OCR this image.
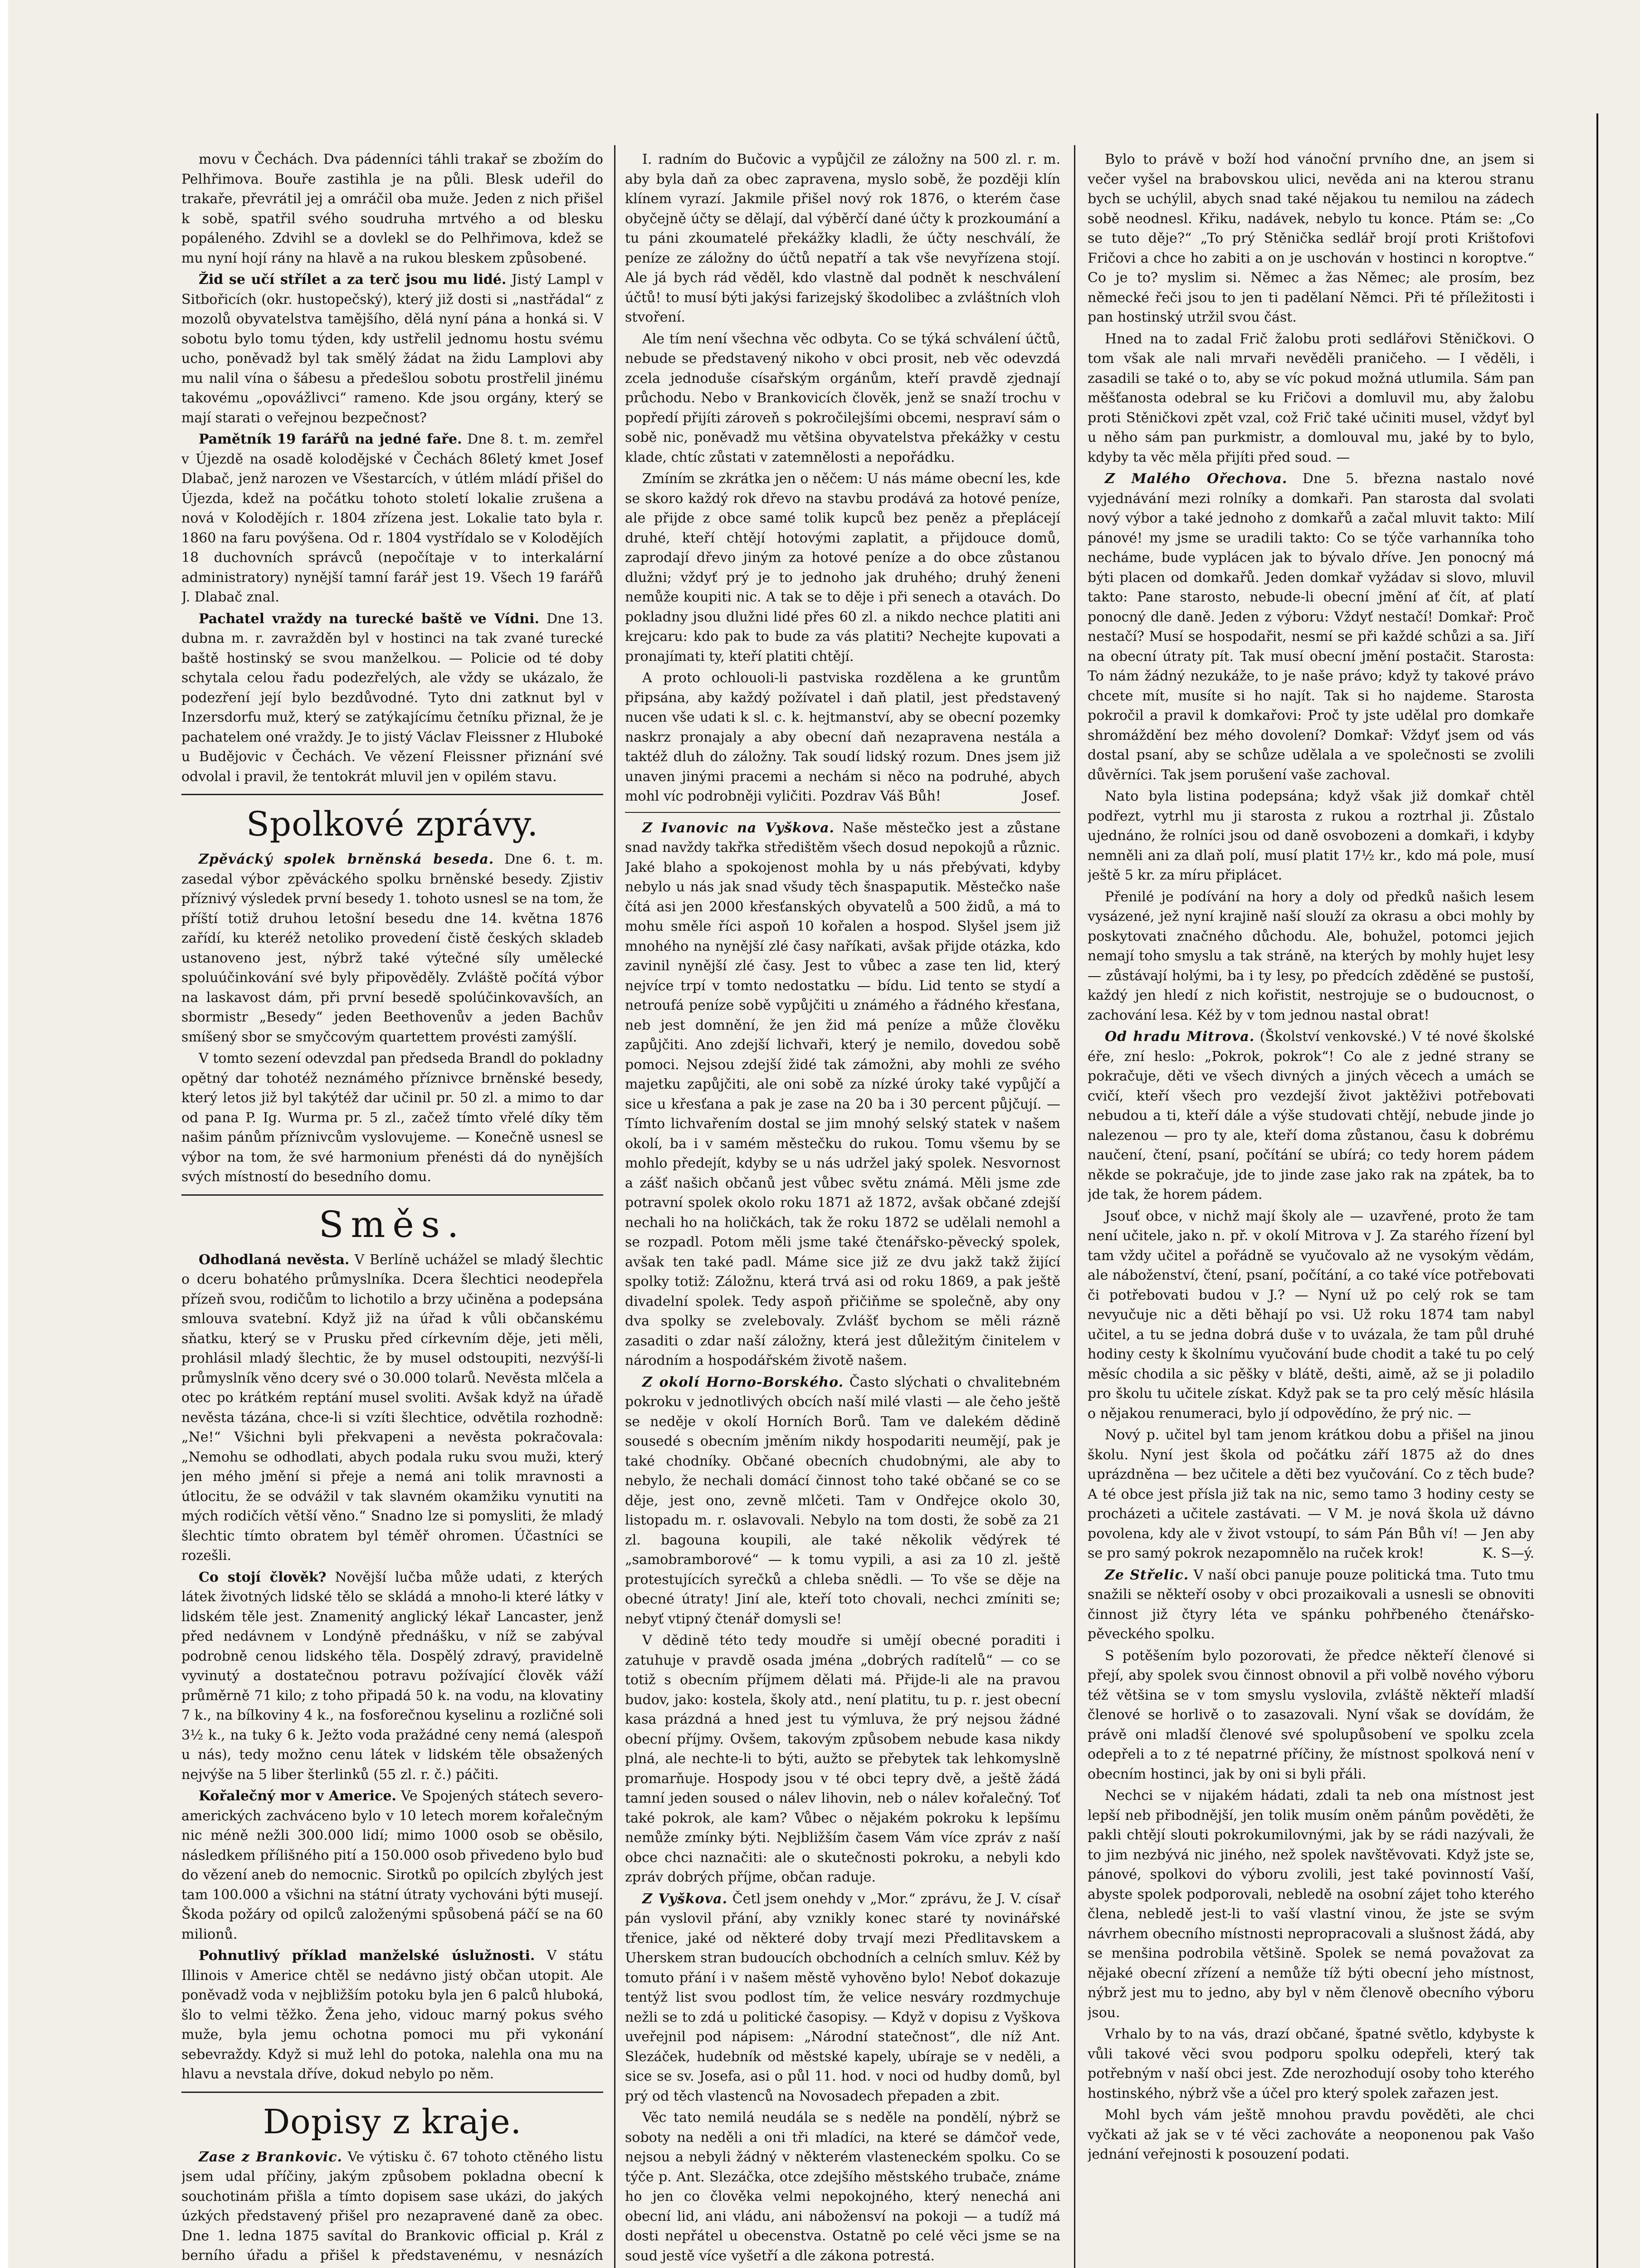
movu v Čechách. Dva pádenníci táhli trakař se zbožím do Pelhřimova. Bouře zastihla je na půli. Blesk udeřil do trakaře, převrátil jej a omráčil oba muže. Jeden z nich přišel k sobě, spatřil svého soudruha mrtvého a od blesku popáleného. Zdvihl se a dovlekl se do Pelhřimova, kdež se mu nyní hojí rány na hlavě a na rukou bleskem způsobené.

Žid se učí střílet a za terč jsou mu lidé. Jistý Lampl v Sitbořicích (okr. hustopečský), který již dosti si „nastřádal“ z mozolů obyvatelstva tamějšího, dělá nyní pána a honká si. V sobotu bylo tomu týden, kdy ustřelil jednomu hostu svému ucho, poněvadž byl tak smělý žádat na židu Lamplovi aby mu nalil vína o šábesu a předešlou sobotu prostřelil jinému takovému „opovážlivci“ rameno. Kde jsou orgány, který se mají starati o veřejnou bezpečnost?

Pamětník 19 farářů na jedné faře. Dne 8. t. m. zemřel v Újezdě na osadě kolodějské v Čechách 86letý kmet Josef Dlabač, jenž narozen ve Všestarcích, v útlém mládí přišel do Újezda, kdež na počátku tohoto století lokalie zrušena a nová v Kolodějích r. 1804 zřízena jest. Lokalie tato byla r. 1860 na faru povýšena. Od r. 1804 vystřídalo se v Kolodějích 18 duchovních správců (nepočítaje v to interkalární administratory) nynější tamní farář jest 19. Všech 19 farářů J. Dlabač znal.

Pachatel vraždy na turecké baště ve Vídni. Dne 13. dubna m. r. zavražděn byl v hostinci na tak zvané turecké baště hostinský se svou manželkou. — Policie od té doby schytala celou řadu podezřelých, ale vždy se ukázalo, že podezření její bylo bezdůvodné. Tyto dni zatknut byl v Inzersdorfu muž, který se zatýkajícímu četníku přiznal, že je pachatelem oné vraždy. Je to jistý Václav Fleissner z Hluboké u Budějovic v Čechách. Ve vězení Fleissner přiznání své odvolal i pravil, že tentokrát mluvil jen v opilém stavu.

Spolkové zprávy.

Zpěvácký spolek brněnská beseda. Dne 6. t. m. zasedal výbor zpěváckého spolku brněnské besedy. Zjistiv příznivý výsledek první besedy 1. tohoto usnesl se na tom, že příští totiž druhou letošní besedu dne 14. května 1876 zařídí, ku kteréž netoliko provedení čistě českých skladeb ustanoveno jest, nýbrž také výtečné síly umělecké spoluúčinkování své byly připověděly. Zvláště počítá výbor na laskavost dám, při první besedě spolúčinkovavších, an sbormistr „Besedy“ jeden Beethovenův a jeden Bachův smíšený sbor se smyčcovým quartettem provésti zamýšlí.

V tomto sezení odevzdal pan předseda Brandl do pokladny opětný dar tohotéž neznámého příznivce brněnské besedy, který letos již byl takýtéž dar učinil pr. 50 zl. a mimo to dar od pana P. Ig. Wurma pr. 5 zl., začež tímto vřelé díky těm našim pánům příznivcům vyslovujeme. — Konečně usnesl se výbor na tom, že své harmonium přenésti dá do nynějších svých místností do besedního domu.

Směs.

Odhodlaná nevěsta. V Berlíně uchážel se mladý šlechtic o dceru bohatého průmyslníka. Dcera šlechtici neodepřela přízeň svou, rodičům to lichotilo a brzy učiněna a podepsána smlouva svatební. Když již na úřad k vůli občanskému sňatku, který se v Prusku před církevním děje, jeti měli, prohlásil mladý šlechtic, že by musel odstoupiti, nezvýší-li průmyslník věno dcery své o 30.000 tolarů. Nevěsta mlčela a otec po krátkém reptání musel svoliti. Avšak když na úřadě nevěsta tázána, chce-li si vzíti šlechtice, odvětila rozhodně: „Ne!“ Všichni byli překvapeni a nevěsta pokračovala: „Nemohu se odhodlati, abych podala ruku svou muži, který jen mého jmění si přeje a nemá ani tolik mravnosti a útlocitu, že se odvážil v tak slavném okamžiku vynutiti na mých rodičích větší věno.“ Snadno lze si pomysliti, že mladý šlechtic tímto obratem byl téměř ohromen. Účastníci se rozešli.

Co stojí člověk? Novější lučba může udati, z kterých látek životných lidské tělo se skládá a mnoho-li které látky v lidském těle jest. Znamenitý anglický lékař Lancaster, jenž před nedávnem v Londýně přednášku, v níž se zabýval podrobně cenou lidského těla. Dospělý zdravý, pravidelně vyvinutý a dostatečnou potravu požívající člověk váží průměrně 71 kilo; z toho připadá 50 k. na vodu, na klovatiny 7 k., na bílkoviny 4 k., na fosforečnou kyselinu a rozličné soli 3½ k., na tuky 6 k. Ježto voda pražádné ceny nemá (alespoň u nás), tedy možno cenu látek v lidském těle obsažených nejvýše na 5 liber šterlinků (55 zl. r. č.) páčiti.

Kořalečný mor v Americe. Ve Spojených státech severo-amerických zachváceno bylo v 10 letech morem kořalečným nic méně nežli 300.000 lidí; mimo 1000 osob se oběsilo, následkem přílišného pití a 150.000 osob přivedeno bylo buď do vězení aneb do nemocnic. Sirotků po opilcích zbylých jest tam 100.000 a všichni na státní útraty vychováni býti musejí. Škoda požáry od opilců založenými spůsobená páčí se na 60 milionů.

Pohnutlivý příklad manželské úslužnosti. V státu Illinois v Americe chtěl se nedávno jistý občan utopit. Ale poněvadž voda v nejbližším potoku byla jen 6 palců hluboká, šlo to velmi těžko. Žena jeho, vidouc marný pokus svého muže, byla jemu ochotna pomoci mu při vykonání sebevraždy. Když si muž lehl do potoka, nalehla ona mu na hlavu a nevstala dříve, dokud nebylo po něm.

Dopisy z kraje.

Zase z Brankovic. Ve výtisku č. 67 tohoto ctěného listu jsem udal příčiny, jakým způsobem pokladna obecní k souchotinám přišla a tímto dopisem sase ukázi, do jakých úzkých představený přišel pro nezapravené daně za obec. Dne 1. ledna 1875 savítal do Brankovic official p. Král z berního úřadu a přišel k představenému, v nesnázích

I. radním do Bučovic a vypůjčil ze záložny na 500 zl. r. m. aby byla daň za obec zapravena, myslo sobě, že později klín klínem vyrazí. Jakmile přišel nový rok 1876, o kterém čase obyčejně účty se dělají, dal výběrčí dané účty k prozkoumání a tu páni zkoumatelé překážky kladli, že účty neschválí, že peníze ze záložny do účtů nepatří a tak vše nevyřízena stojí. Ale já bych rád věděl, kdo vlastně dal podnět k neschválení účtů! to musí býti jakýsi farizejský škodolibec a zvláštních vloh stvoření.

Ale tím není všechna věc odbyta. Co se týká schválení účtů, nebude se představený nikoho v obci prosit, neb věc odevzdá zcela jednoduše císařským orgánům, kteří pravdě zjednají průchodu. Nebo v Brankovicích člověk, jenž se snaží trochu v popředí přijíti zároveň s pokročilejšími obcemi, nespraví sám o sobě nic, poněvadž mu většina obyvatelstva překážky v cestu klade, chtíc zůstati v zatemnělosti a nepořádku.

Zmíním se zkrátka jen o něčem: U nás máme obecní les, kde se skoro každý rok dřevo na stavbu prodává za hotové peníze, ale přijde z obce samé tolik kupců bez peněz a přeplácejí druhé, kteří chtějí hotovými zaplatit, a přijdouce domů, zaprodají dřevo jiným za hotové peníze a do obce zůstanou dlužni; vždyť prý je to jednoho jak druhého; druhý ženeni nemůže koupiti nic. A tak se to děje i při senech a otavách. Do pokladny jsou dlužni lidé přes 60 zl. a nikdo nechce platiti ani krejcaru: kdo pak to bude za vás platiti? Nechejte kupovati a pronajímati ty, kteří platiti chtějí.

A proto ochlouoli-li pastviska rozdělena a ke gruntům připsána, aby každý požívatel i daň platil, jest představený nucen vše udati k sl. c. k. hejtmanství, aby se obecní pozemky naskrz pronajaly a aby obecní daň nezapravena nestála a taktéž dluh do záložny. Tak soudí lidský rozum. Dnes jsem již unaven jinými pracemi a nechám si něco na podruhé, abych mohl víc podrobněji vyličiti. Pozdrav Váš Bůh!	Josef.

Z Ivanovic na Vyškova. Naše městečko jest a zůstane snad navždy takřka středištěm všech dosud nepokojů a různic. Jaké blaho a spokojenost mohla by u nás přebývati, kdyby nebylo u nás jak snad všudy těch šnaspaputik. Městečko naše čítá asi jen 2000 křesťanských obyvatelů a 500 židů, a má to mohu směle říci aspoň 10 kořalen a hospod. Slyšel jsem již mnohého na nynější zlé časy naříkati, avšak přijde otázka, kdo zavinil nynější zlé časy. Jest to vůbec a zase ten lid, který nejvíce trpí v tomto nedostatku — bídu. Lid tento se stydí a netroufá peníze sobě vypůjčiti u známého a řádného křesťana, neb jest domnění, že jen žid má peníze a může člověku zapůjčiti. Ano zdejší lichvaři, který je nemilo, dovedou sobě pomoci. Nejsou zdejší židé tak zámožni, aby mohli ze svého majetku zapůjčiti, ale oni sobě za nízké úroky také vypůjčí a sice u křesťana a pak je zase na 20 ba i 30 percent půjčují. — Tímto lichvařením dostal se jim mnohý selský statek v našem okolí, ba i v samém městečku do rukou. Tomu všemu by se mohlo předejít, kdyby se u nás udržel jaký spolek. Nesvornost a zášť našich občanů jest vůbec světu známá. Měli jsme zde potravní spolek okolo roku 1871 až 1872, avšak občané zdejší nechali ho na holičkách, tak že roku 1872 se udělali nemohl a se rozpadl. Potom měli jsme také čtenářsko-pěvecký spolek, avšak ten také padl. Máme sice již ze dvu jakž takž žijící spolky totiž: Záložnu, která trvá asi od roku 1869, a pak ještě divadelní spolek. Tedy aspoň přičiňme se společně, aby ony dva spolky se zvelebovaly. Zvlášť bychom se měli rázně zasaditi o zdar naší záložny, která jest důležitým činitelem v národním a hospodářském životě našem.

Z okolí Horno-Borského. Často slýchati o chvalitebném pokroku v jednotlivých obcích naší milé vlasti — ale čeho ještě se neděje v okolí Horních Borů. Tam ve dalekém dědině sousedé s obecním jměním nikdy hospodariti neumějí, pak je také chodníky. Občané obecních chudobnými, ale aby to nebylo, že nechali domácí činnost toho také občané se co se děje, jest ono, zevně mlčeti. Tam v Ondřejce okolo 30, listopadu m. r. oslavovali. Nebylo na tom dosti, že sobě za 21 zl. bagouna koupili, ale také několik vědýrek té „samobramborové“ — k tomu vypili, a asi za 10 zl. ještě protestujících syrečků a chleba snědli. — To vše se děje na obecné útraty! Jiní ale, kteří toto chovali, nechci zmíniti se; nebyť vtipný čtenář domysli se!

V dědině této tedy moudře si umějí obecné poraditi i zatuhuje v pravdě osada jména „dobrých radítelů“ — co se totiž s obecním příjmem dělati má. Přijde-li ale na pravou budov, jako: kostela, školy atd., není platitu, tu p. r. jest obecní kasa prázdná a hned jest tu výmluva, že prý nejsou žádné obecní příjmy. Ovšem, takovým způsobem nebude kasa nikdy plná, ale nechte-li to býti, aužto se přebytek tak lehkomyslně promarňuje. Hospody jsou v té obci tepry dvě, a ještě žádá tamní jeden soused o nálev lihovin, neb o nálev kořalečný. Toť také pokrok, ale kam? Vůbec o nějakém pokroku k lepšímu nemůže zmínky býti. Nejbližším časem Vám více zpráv z naší obce chci naznačiti: ale o skutečnosti pokroku, a nebyli kdo zpráv dobrých příjme, občan raduje.

Z Vyškova. Četl jsem onehdy v „Mor.“ zprávu, že J. V. císař pán vyslovil přání, aby vznikly konec staré ty novinářské třenice, jaké od některé doby trvají mezi Předlitavskem a Uherskem stran budoucích obchodních a celních smluv. Kéž by tomuto přání i v našem městě vyhověno bylo! Neboť dokazuje tentýž list svou podlost tím, že velice nesváry rozdmychuje nežli se to zdá u politické časopisy. — Když v dopisu z Vyškova uveřejnil pod nápisem: „Národní statečnost“, dle níž Ant. Slezáček, hudebník od městské kapely, ubíraje se v neděli, a sice se sv. Josefa, asi o půl 11. hod. v noci od hudby domů, byl prý od těch vlastenců na Novosadech přepaden a zbit.

Věc tato nemilá neudála se s neděle na pondělí, nýbrž se soboty na neděli a oni tři mladíci, na které se dámčoř vede, nejsou a nebyli žádný v některém vlasteneckém spolku. Co se týče p. Ant. Slezáčka, otce zdejšího městského trubače, známe ho jen co člověka velmi nepokojného, který nenechá ani obecní lid, ani vládu, ani nábožensví na pokoji — a tudíž má dosti nepřátel u obecenstva. Ostatně po celé věci jsme se na soud jestě více vyšetří a dle zákona potrestá.

Bylo to právě v boží hod vánoční prvního dne, an jsem si večer vyšel na brabovskou ulici, nevěda ani na kterou stranu bych se uchýlil, abych snad také nějakou tu nemilou na zádech sobě neodnesl. Křiku, nadávek, nebylo tu konce. Ptám se: „Co se tuto děje?“ „To prý Stěnička sedlář brojí proti Krištofovi Fričovi a chce ho zabiti a on je uschován v hostinci n koroptve.“ Co je to? myslim si. Němec a žas Němec; ale prosím, bez německé řeči jsou to jen ti padělaní Němci. Při té příležitosti i pan hostinský utržil svou část.

Hned na to zadal Frič žalobu proti sedlářovi Stěničkovi. O tom však ale nali mrvaři nevěděli praničeho. — I věděli, i zasadili se také o to, aby se víc pokud možná utlumila. Sám pan měšťanosta odebral se ku Fričovi a domluvil mu, aby žalobu proti Stěničkovi zpět vzal, což Frič také učiniti musel, vždyť byl u něho sám pan purkmistr, a domlouval mu, jaké by to bylo, kdyby ta věc měla přijíti před soud. —

Z Malého Ořechova. Dne 5. března nastalo nové vyjednávání mezi rolníky a domkaři. Pan starosta dal svolati nový výbor a také jednoho z domkařů a začal mluvit takto: Milí pánové! my jsme se uradili takto: Co se týče varhanníka toho necháme, bude vyplácen jak to bývalo dříve. Jen ponocný má býti placen od domkařů. Jeden domkař vyžádav si slovo, mluvil takto: Pane starosto, nebude-li obecní jmění ať čít, ať platí ponocný dle daně. Jeden z výboru: Vždyť nestačí! Domkař: Proč nestačí? Musí se hospodařit, nesmí se při každé schůzi a sa. Jiří na obecní útraty pít. Tak musí obecní jmění postačit. Starosta: To nám žádný nezukáže, to je naše právo; když ty takové právo chcete mít, musíte si ho najít. Tak si ho najdeme. Starosta pokročil a pravil k domkařovi: Proč ty jste udělal pro domkaře shromáždění bez mého dovolení? Domkař: Vždyť jsem od vás dostal psaní, aby se schůze udělala a ve společnosti se zvolili důvěrníci. Tak jsem porušení vaše zachoval.

Nato byla listina podepsána; když však již domkař chtěl podřezt, vytrhl mu ji starosta z rukou a roztrhal ji. Zůstalo ujednáno, že rolníci jsou od daně osvobozeni a domkaři, i kdyby nemněli ani za dlaň polí, musí platit 17½ kr., kdo má pole, musí ještě 5 kr. za míru připlácet.

Přenilé je podívání na hory a doly od předků našich lesem vysázené, jež nyní krajině naší slouží za okrasu a obci mohly by poskytovati značného důchodu. Ale, bohužel, potomci jejich nemají toho smyslu a tak stráně, na kterých by mohly hujet lesy — zůstávají holými, ba i ty lesy, po předcích zděděné se pustoší, každý jen hledí z nich kořistit, nestrojuje se o budoucnost, o zachování lesa. Kéž by v tom jednou nastal obrat!

Od hradu Mitrova. (Školství venkovské.) V té nové školské éře, zní heslo: „Pokrok, pokrok“! Co ale z jedné strany se pokračuje, děti ve všech divných a jiných věcech a umách se cvičí, kteří všech pro vezdejší život jaktěživi potřebovati nebudou a ti, kteří dále a výše studovati chtějí, nebude jinde jo nalezenou — pro ty ale, kteří doma zůstanou, času k dobrému naučení, čtení, psaní, počítání se ubírá; co tedy horem pádem někde se pokračuje, jde to jinde zase jako rak na zpátek, ba to jde tak, že horem pádem.

Jsouť obce, v nichž mají školy ale — uzavřené, proto že tam není učitele, jako n. př. v okolí Mitrova v J. Za starého řízení byl tam vždy učitel a pořádně se vyučovalo až ne vysokým vědám, ale náboženství, čtení, psaní, počítání, a co také více potřebovati či potřebovati budou v J.? — Nyní už po celý rok se tam nevyučuje nic a děti běhají po vsi. Už roku 1874 tam nabyl učitel, a tu se jedna dobrá duše v to uvázala, že tam půl druhé hodiny cesty k školnímu vyučování bude chodit a také tu po celý měsíc chodila a sic pěšky v blátě, dešti, aimě, až se ji poladilo pro školu tu učitele získat. Když pak se ta pro celý měsíc hlásila o nějakou renumeraci, bylo jí odpovědíno, že prý nic. —

Nový p. učitel byl tam jenom krátkou dobu a přišel na jinou školu. Nyní jest škola od počátku září 1875 až do dnes uprázdněna — bez učitele a děti bez vyučování. Co z těch bude? A té obce jest přísla již tak na nic, semo tamo 3 hodiny cesty se procházeti a učitele zastávati. — V M. je nová škola už dávno povolena, kdy ale v život vstoupí, to sám Pán Bůh ví! — Jen aby se pro samý pokrok nezapomnělo na ruček krok!	K. S—ý.

Ze Střelic. V naší obci panuje pouze politická tma. Tuto tmu snažili se někteří osoby v obci prozaikovali a usnesli se obnoviti činnost již čtyry léta ve spánku pohřbeného čtenářsko-pěveckého spolku.

S potěšením bylo pozorovati, že předce někteří členové si přejí, aby spolek svou činnost obnovil a při volbě nového výboru též většina se v tom smyslu vyslovila, zvláště někteří mladší členové se horlivě o to zasazovali. Nyní však se dovídám, že právě oni mladší členové své spolupůsobení ve spolku zcela odepřeli a to z té nepatrné příčiny, že místnost spolková není v obecním hostinci, jak by oni si byli přáli.

Nechci se v nijakém hádati, zdali ta neb ona místnost jest lepší neb přibodnější, jen tolik musím oněm pánům pověděti, že pakli chtějí slouti pokrokumilovnými, jak by se rádi nazývali, že to jim nezbývá nic jiného, než spolek navštěvovati. Když jste se, pánové, spolkovi do výboru zvolili, jest také povinností Vaší, abyste spolek podporovali, nebledě na osobní zájet toho kterého člena, nebledě jest-li to vaší vlastní vinou, že jste se svým návrhem obecního místnosti nepropracovali a slušnost žádá, aby se menšina podrobila většině. Spolek se nemá považovat za nějaké obecní zřízení a nemůže tíž býti obecní jeho místnost, nýbrž jest mu to jedno, aby byl v něm členově obecního výboru jsou.

Vrhalo by to na vás, drazí občané, špatné světlo, kdybyste k vůli takové věci svou podporu spolku odepřeli, který tak potřebným v naší obci jest. Zde nerozhodují osoby toho kterého hostinského, nýbrž vše a účel pro který spolek zařazen jest.

Mohl bych vám ještě mnohou pravdu pověděti, ale chci vyčkati až jak se v té věci zachováte a neoponenou pak Vašo jednání veřejnosti k posouzení podati.
